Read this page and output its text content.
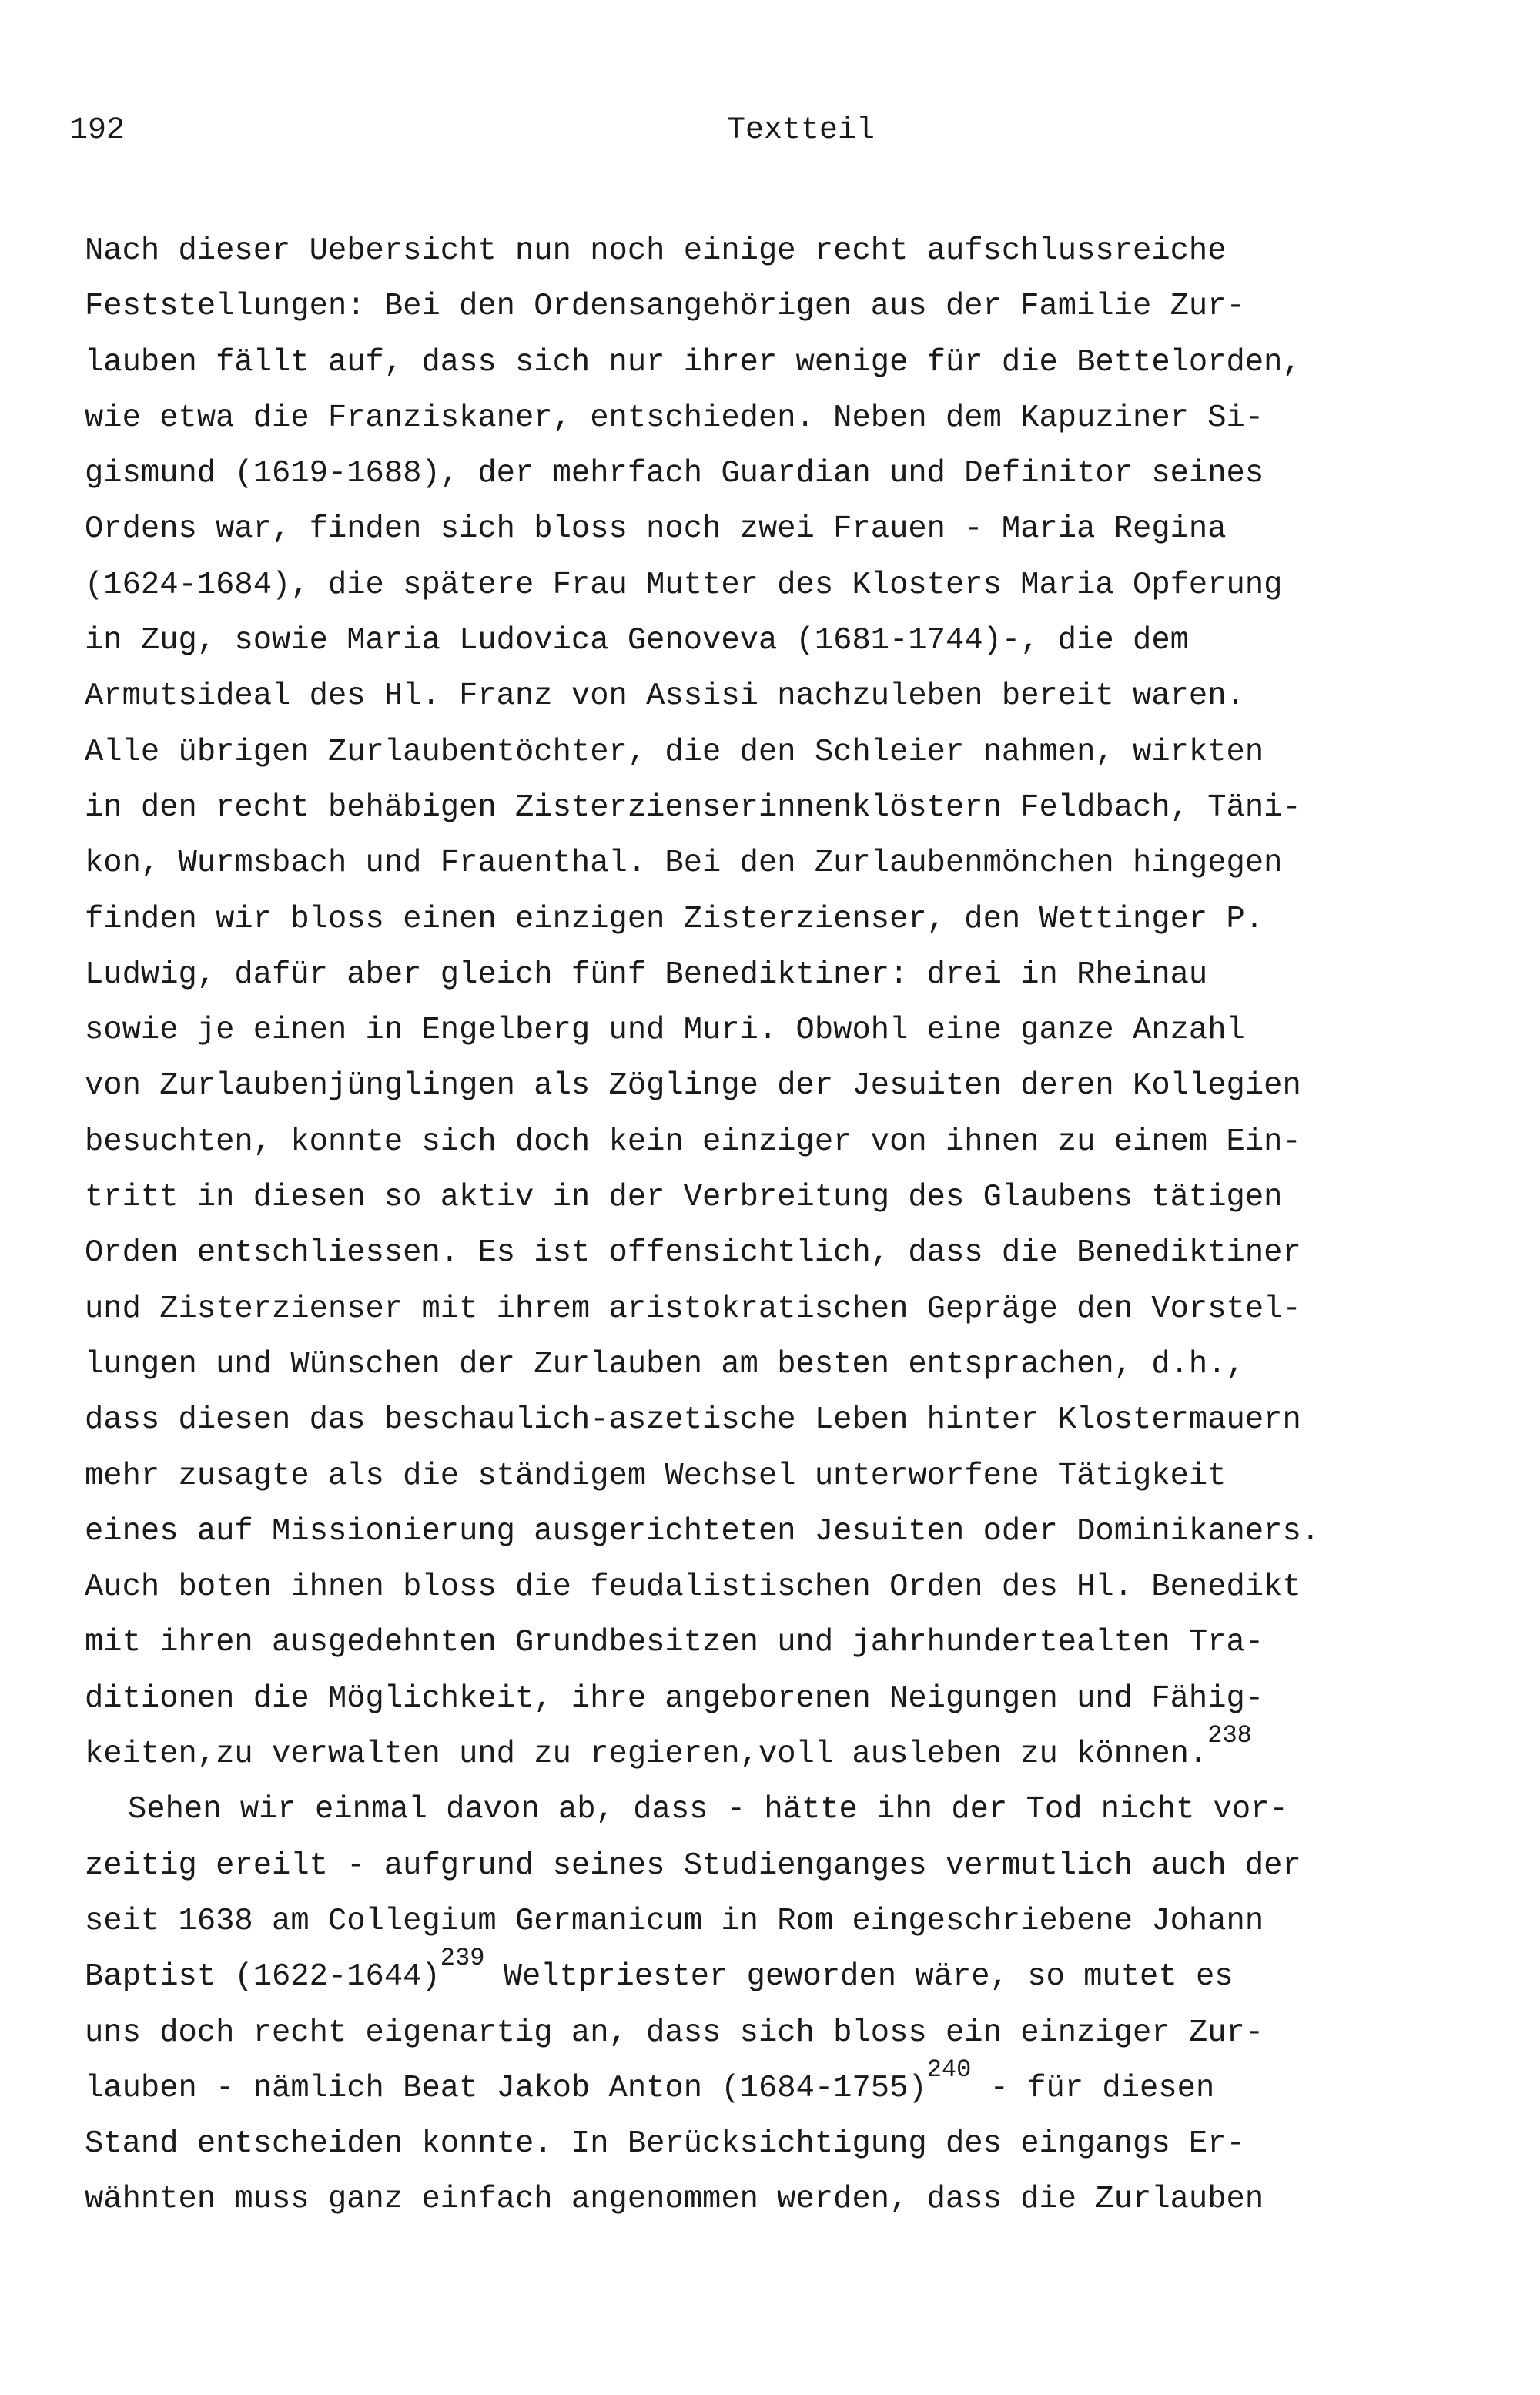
192	Textteil
Nach dieser Uebersicht nun noch einige recht aufschlussreiche
Feststellungen: Bei den Ordensangehörigen aus der Familie Zur-
lauben fällt auf, dass sich nur ihrer wenige für die Bettelorden,
wie etwa die Franziskaner, entschieden. Neben dem Kapuziner Si-
gismund (1619-1688), der mehrfach Guardian und Definitor seines
Ordens war, finden sich bloss noch zwei Frauen - Maria Regina
(1624-1684), die spätere Frau Mutter des Klosters Maria Opferung
in Zug, sowie Maria Ludovica Genoveva (1681-1744)-, die dem
Armutsideal des Hl. Franz von Assisi nachzuleben bereit waren.
Alle übrigen Zurlaubentöchter, die den Schleier nahmen, wirkten
in den recht behäbigen Zisterzienserinnenklöstern Feldbach, Täni-
kon, Wurmsbach und Frauenthal. Bei den Zurlaubenmönchen hingegen
finden wir bloss einen einzigen Zisterzienser, den Wettinger P.
Ludwig, dafür aber gleich fünf Benediktiner: drei in Rheinau
sowie je einen in Engelberg und Muri. Obwohl eine ganze Anzahl
von Zurlaubenjünglingen als Zöglinge der Jesuiten deren Kollegien
besuchten, konnte sich doch kein einziger von ihnen zu einem Ein-
tritt in diesen so aktiv in der Verbreitung des Glaubens tätigen
Orden entschliessen. Es ist offensichtlich, dass die Benediktiner
und Zisterzienser mit ihrem aristokratischen Gepräge den Vorstel-
lungen und Wünschen der Zurlauben am besten entsprachen, d.h.,
dass diesen das beschaulich-aszetische Leben hinter Klostermauern
mehr zusagte als die ständigem Wechsel unterworfene Tätigkeit
eines auf Missionierung ausgerichteten Jesuiten oder Dominikaners.
Auch boten ihnen bloss die feudalistischen Orden des Hl. Benedikt
mit ihren ausgedehnten Grundbesitzen und jahrhundertealten Tra-
ditionen die Möglichkeit, ihre angeborenen Neigungen und Fähig-
keiten,zu verwalten und zu regieren,voll ausleben zu können.$^{238}$
Sehen wir einmal davon ab, dass - hätte ihn der Tod nicht vor-
zeitig ereilt - aufgrund seines Studienganges vermutlich auch der
seit 1638 am Collegium Germanicum in Rom eingeschriebene Johann
Baptist (1622-1644)$^{239}$ Weltpriester geworden wäre, so mutet es
uns doch recht eigenartig an, dass sich bloss ein einziger Zur-
lauben - nämlich Beat Jakob Anton (1684-1755)$^{240}$ - für diesen
Stand entscheiden konnte. In Berücksichtigung des eingangs Er-
wähnten muss ganz einfach angenommen werden, dass die Zurlauben
